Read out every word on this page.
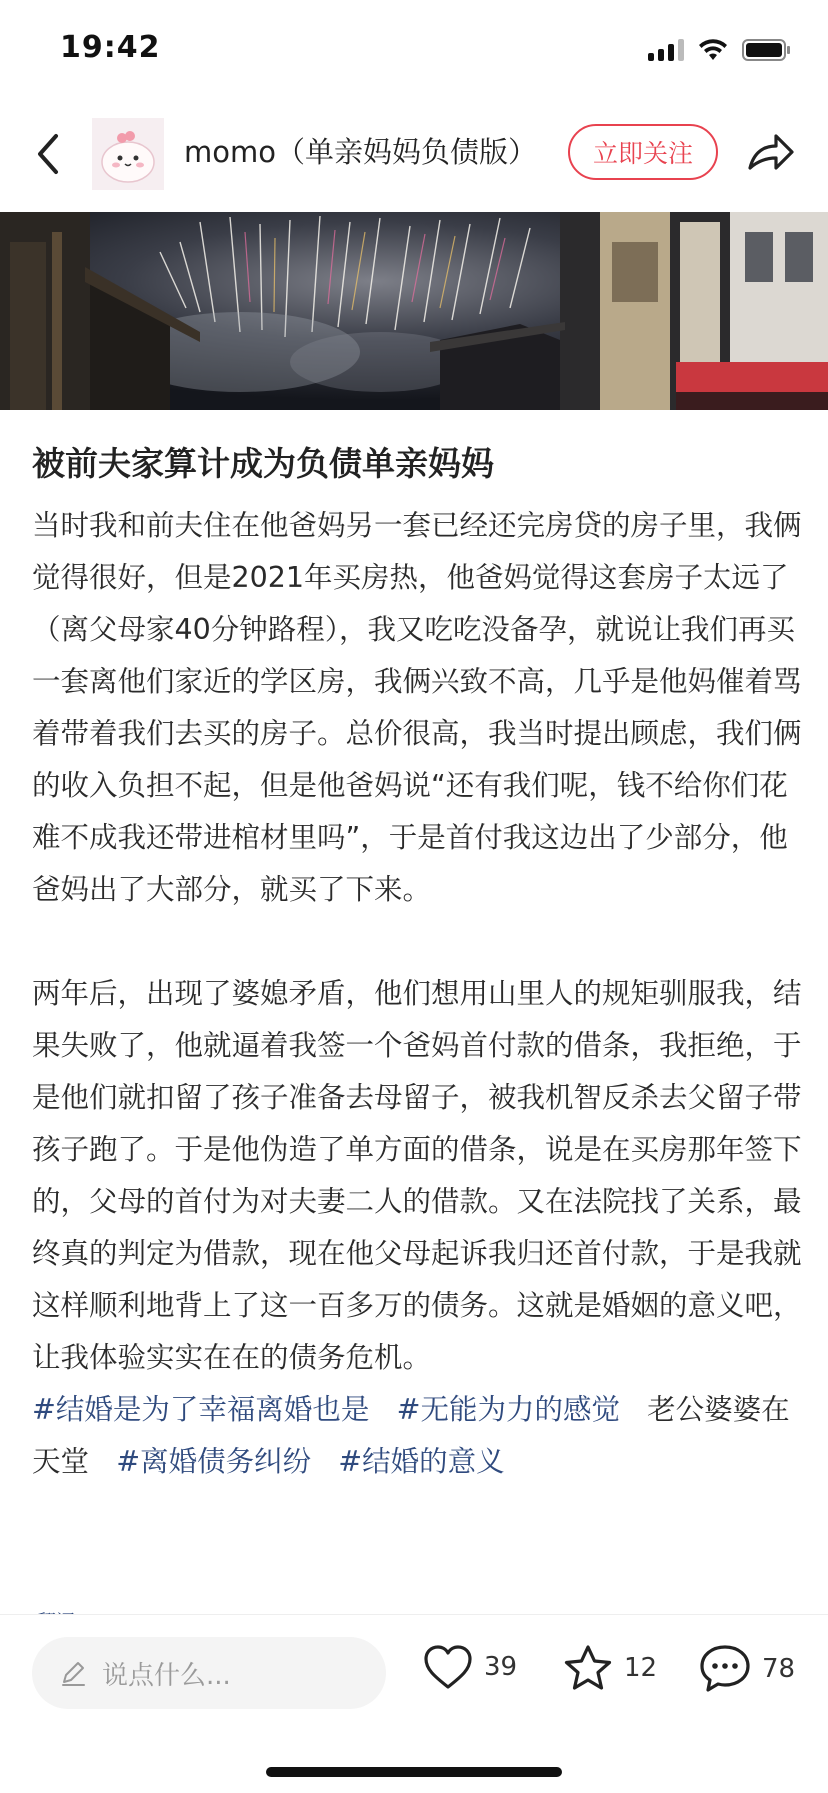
19:42
momo（单亲妈妈负债版）	立即关注
被前夫家算计成为负债单亲妈妈

当时我和前夫住在他爸妈另一套已经还完房贷的房子里，我俩觉得很好，但是2021年买房热，他爸妈觉得这套房子太远了（离父母家40分钟路程），我又吃吃没备孕，就说让我们再买一套离他们家近的学区房，我俩兴致不高，几乎是他妈催着骂着带着我们去买的房子。总价很高，我当时提出顾虑，我们俩的收入负担不起，但是他爸妈说“还有我们呢，钱不给你们花难不成我还带进棺材里吗”，于是首付我这边出了少部分，他爸妈出了大部分，就买了下来。

两年后，出现了婆媳矛盾，他们想用山里人的规矩驯服我，结果失败了，他就逼着我签一个爸妈首付款的借条，我拒绝，于是他们就扣留了孩子准备去母留子，被我机智反杀去父留子带孩子跑了。于是他伪造了单方面的借条，说是在买房那年签下的，父母的首付为对夫妻二人的借款。又在法院找了关系，最终真的判定为借款，现在他父母起诉我归还首付款，于是我就这样顺利地背上了这一百多万的债务。这就是婚姻的意义吧，让我体验实实在在的债务危机。

#结婚是为了幸福离婚也是 #无能为力的感觉 老公婆婆在天堂 #离婚债务纠纷 #结婚的意义

说点什么...	39	12	78
